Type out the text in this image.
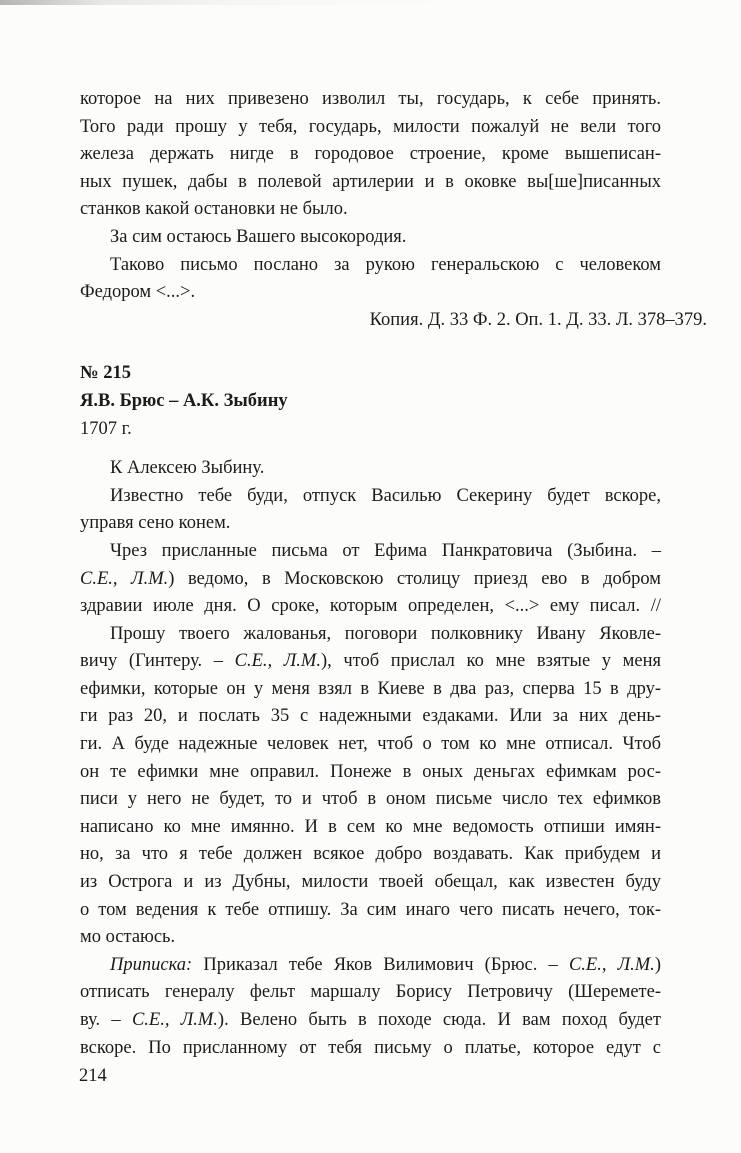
которое на них привезено изволил ты, государь, к себе принять.
Того ради прошу у тебя, государь, милости пожалуй не вели того
железа держать нигде в городовое строение, кроме вышеписан-
ных пушек, дабы в полевой артилерии и в оковке вы[ше]писанных
станков какой остановки не было.
За сим остаюсь Вашего высокородия.
Таково письмо послано за рукою генеральскою с человеком
Федором <...>.
Копия. Д. 33 Ф. 2. Оп. 1. Д. 33. Л. 378–379.
№ 215
Я.В. Брюс – А.К. Зыбину
1707 г.
К Алексею Зыбину.
Известно тебе буди, отпуск Василью Секерину будет вскоре,
управя сено конем.
Чрез присланные письма от Ефима Панкратовича (Зыбина. –
С.Е., Л.М.) ведомо, в Московскою столицу приезд ево в добром
здравии июле дня. О сроке, которым определен, <...> ему писал. //
Прошу твоего жалованья, поговори полковнику Ивану Яковле-
вичу (Гинтеру. – С.Е., Л.М.), чтоб прислал ко мне взятые у меня
ефимки, которые он у меня взял в Киеве в два раз, сперва 15 в дру-
ги раз 20, и послать 35 с надежными ездаками. Или за них день-
ги. А буде надежные человек нет, чтоб о том ко мне отписал. Чтоб
он те ефимки мне оправил. Понеже в оных деньгах ефимкам рос-
писи у него не будет, то и чтоб в оном письме число тех ефимков
написано ко мне имянно. И в сем ко мне ведомость отпиши имян-
но, за что я тебе должен всякое добро воздавать. Как прибудем и
из Острога и из Дубны, милости твоей обещал, как известен буду
о том ведения к тебе отпишу. За сим инаго чего писать нечего, ток-
мо остаюсь.
Приписка: Приказал тебе Яков Вилимович (Брюс. – С.Е., Л.М.)
отписать генералу фельт маршалу Борису Петровичу (Шеремете-
ву. – С.Е., Л.М.). Велено быть в походе сюда. И вам поход будет
вскоре. По присланному от тебя письму о платье, которое едут с
214
